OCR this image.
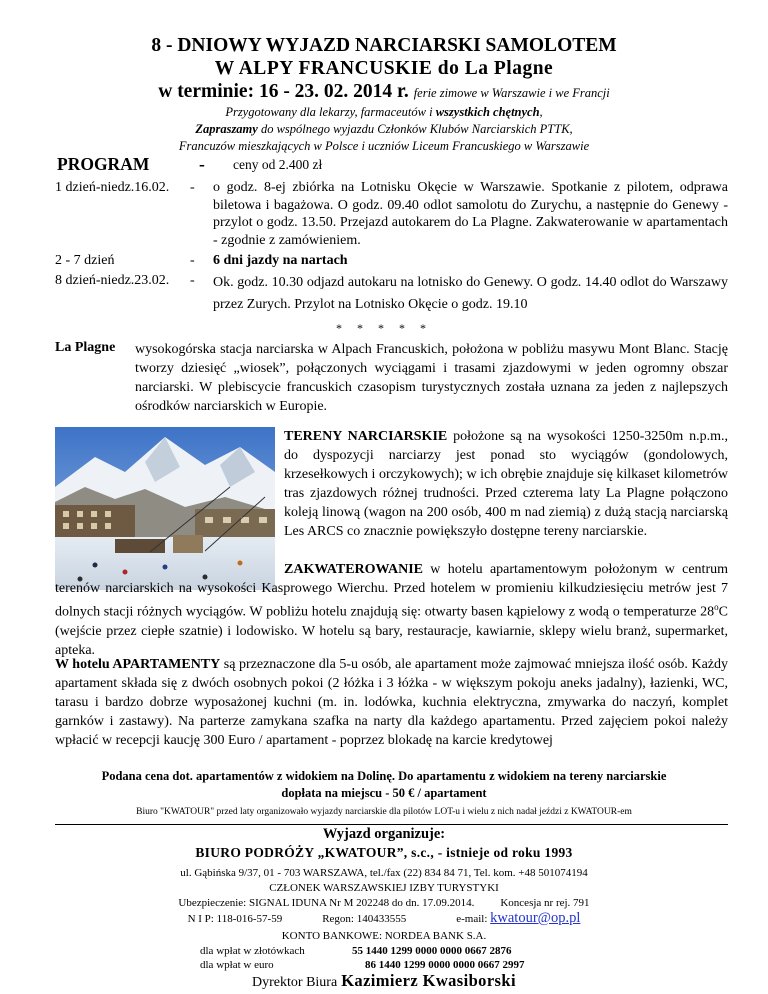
8 - DNIOWY WYJAZD NARCIARSKI SAMOLOTEM
W ALPY FRANCUSKIE do La Plagne
w terminie: 16 - 23. 02. 2014 r. ferie zimowe w Warszawie i we Francji
Przygotowany dla lekarzy, farmaceutów i wszystkich chętnych,
Zapraszamy do wspólnego wyjazdu Członków Klubów Narciarskich PTTK,
Francuzów mieszkających w Polsce i uczniów Liceum Francuskiego w Warszawie
PROGRAM	- ceny od 2.400 zł
1 dzień-niedz.16.02.	- o godz. 8-ej zbiórka na Lotnisku Okęcie w Warszawie. Spotkanie z pilotem, odprawa biletowa i bagażowa. O godz. 09.40 odlot samolotu do Zurychu, a następnie do Genewy - przylot o godz. 13.50. Przejazd autokarem do La Plagne. Zakwaterowanie w apartamentach - zgodnie z zamówieniem.
2 - 7 dzień	- 6 dni jazdy na nartach
8 dzień-niedz.23.02.	- Ok. godz. 10.30 odjazd autokaru na lotnisko do Genewy. O godz. 14.40 odlot do Warszawy przez Zurych. Przylot na Lotnisko Okęcie o godz. 19.10
* * * * *
La Plagne wysokogórska stacja narciarska w Alpach Francuskich, położona w pobliżu masywu Mont Blanc. Stację tworzy dziesięć „wiosek”, połączonych wyciągami i trasami zjazdowymi w jeden ogromny obszar narciarski. W plebiscycie francuskich czasopism turystycznych została uznana za jeden z najlepszych ośrodków narciarskich w Europie.
TERENY NARCIARSKIE położone są na wysokości 1250-3250m n.p.m., do dyspozycji narciarzy jest ponad sto wyciągów (gondolowych, krzesełkowych i orczykowych); w ich obrębie znajduje się kilkaset kilometrów tras zjazdowych różnej trudności. Przed czterema laty La Plagne połączono koleją linową (wagon na 200 osób, 400 m nad ziemią) z dużą stacją narciarską Les ARCS co znacznie powiększyło dostępne tereny narciarskie.
ZAKWATEROWANIE w hotelu apartamentowym położonym w centrum terenów narciarskich na wysokości Kasprowego Wierchu. Przed hotelem w promieniu kilkudziesięciu metrów jest 7 dolnych stacji różnych wyciągów. W pobliżu hotelu znajdują się: otwarty basen kąpielowy z wodą o temperaturze 28$^o$C (wejście przez ciepłe szatnie) i lodowisko. W hotelu są bary, restauracje, kawiarnie, sklepy wielu branż, supermarket, apteka.
W hotelu APARTAMENTY są przeznaczone dla 5-u osób, ale apartament może zajmować mniejsza ilość osób. Każdy apartament składa się z dwóch osobnych pokoi (2 łóżka i 3 łóżka - w większym pokoju aneks jadalny), łazienki, WC, tarasu i bardzo dobrze wyposażonej kuchni (m. in. lodówka, kuchnia elektryczna, zmywarka do naczyń, komplet garnków i zastawy). Na parterze zamykana szafka na narty dla każdego apartamentu. Przed zajęciem pokoi należy wpłacić w recepcji kaucję 300 Euro / apartament - poprzez blokadę na karcie kredytowej
Podana cena dot. apartamentów z widokiem na Dolinę. Do apartamentu z widokiem na tereny narciarskie
dopłata na miejscu - 50 € / apartament
Biuro "KWATOUR" przed laty organizowało wyjazdy narciarskie dla pilotów LOT-u i wielu z nich nadał jeździ z KWATOUR-em
Wyjazd organizuje:
BIURO PODRÓŻY „KWATOUR”, s.c., - istnieje od roku 1993
ul. Gąbińska 9/37, 01 - 703 WARSZAWA, tel./fax (22) 834 84 71, Tel. kom. +48 501074194
CZŁONEK WARSZAWSKIEJ IZBY TURYSTYKI
Ubezpieczenie: SIGNAL IDUNA Nr M 202248 do dn. 17.09.2014. Koncesja nr rej. 791
N I P: 118-016-57-59	Regon: 140433555	e-mail: kwatour@op.pl
KONTO BANKOWE: NORDEA BANK S.A.
dla wpłat w złotówkach	55 1440 1299 0000 0000 0667 2876
dla wpłat w euro	86 1440 1299 0000 0000 0667 2997
Dyrektor Biura Kazimierz Kwasiborski
